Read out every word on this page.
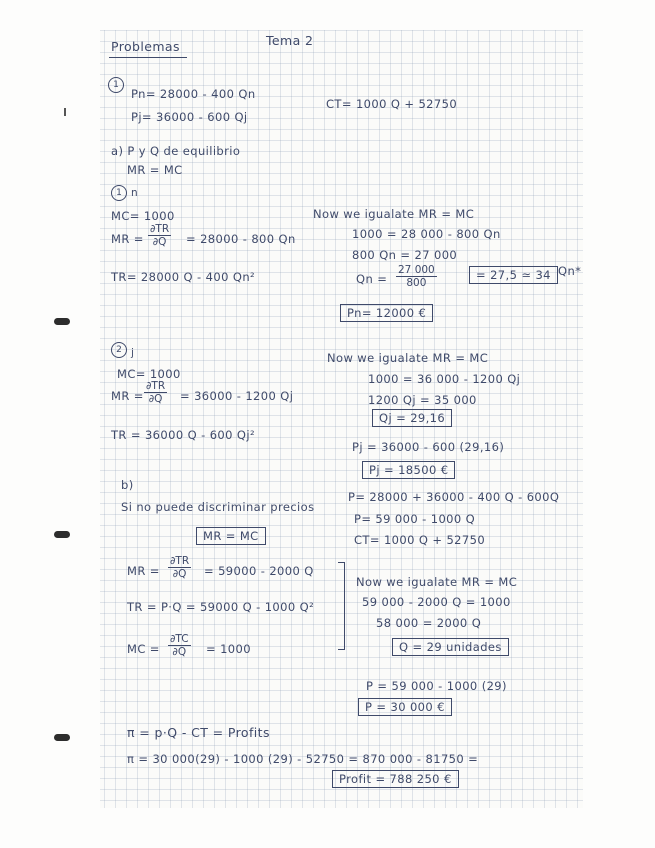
Problemas	Tema 2
1
Pn= 28000 - 400 Qn
Pj= 36000 - 600 Qj
CT= 1000 Q + 52750
a) P y Q de equilibrio
MR = MC
1 n
MC= 1000
MR = $\frac{\partial TR}{\partial Q} = 28000 - 800$ Qn
TR= 28000 Q - 400 Qn²
Now we igualate MR = MC
1000 = 28 000 - 800 Qn
800 Qn = 27 000
$Qn = \frac{27 000}{800}$	= 27,5 ≃ 34 Qn*
Pn= 12000 €
2 j
MC= 1000
MR = $\frac{\partial TR}{\partial Q} = 36000 - 1200$ Qj
TR = 36000 Q - 600 Qj²
Now we igualate MR = MC
1000 = 36 000 - 1200 Qj
1200 Qj = 35 000
Qj = 29,16
Pj = 36000 - 600 (29,16)
Pj = 18500 €
b)
Si no puede discriminar precios
P= 28000 + 36000 - 400 Q - 600Q
P= 59 000 - 1000 Q
CT= 1000 Q + 52750
MR = MC
MR = $\frac{\partial TR}{\partial Q} = 59000 - 2000$ Q
TR = P·Q = 59000 Q - 1000 Q²
MC = $\frac{\partial TC}{\partial Q} = 1000$
Now we igualate MR = MC
59 000 - 2000 Q = 1000
58 000 = 2000 Q
Q = 29 unidades
P = 59 000 - 1000 (29)
P = 30 000 €
π = p·Q - CT = Profits
π = 30 000(29) - 1000 (29) - 52750 = 870 000 - 81750 =
Profit = 788 250 €
